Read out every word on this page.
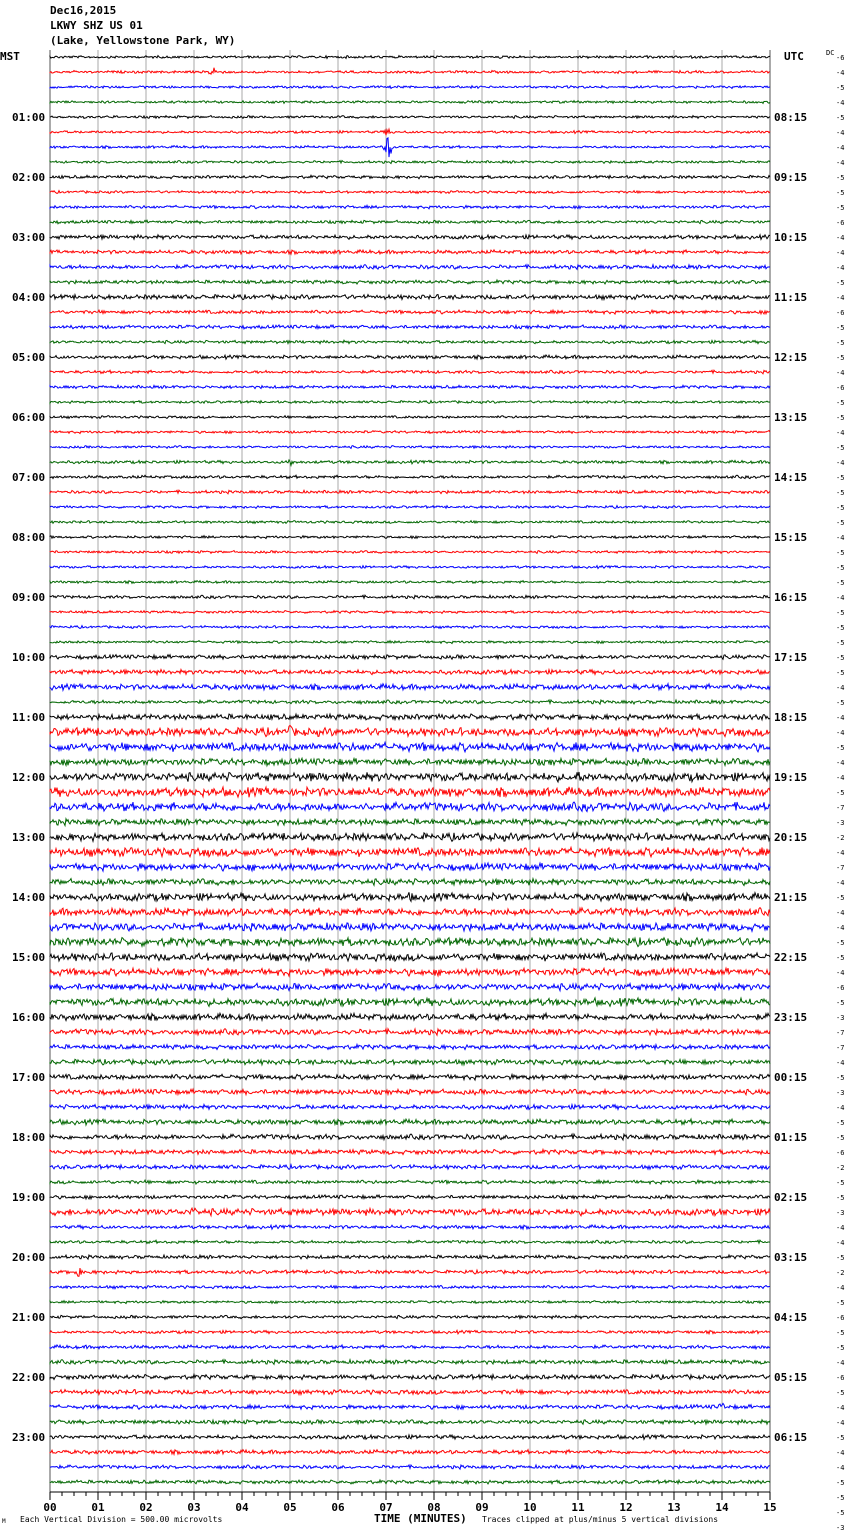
Dec16,2015
LKWY SHZ US 01
(Lake, Yellowstone Park, WY)
MST	UTC	DC
01:00
02:00
03:00
04:00
05:00
06:00
07:00
08:00
09:00
10:00
11:00
12:00
13:00
14:00
15:00
16:00
17:00
18:00
19:00
20:00
21:00
22:00
23:00
08:15
09:15
10:15
11:15
12:15
13:15
14:15
15:15
16:15
17:15
18:15
19:15
20:15
21:15
22:15
23:15
00:15
01:15
02:15
03:15
04:15
05:15
06:15
-6
-4
-5
-4
-5
-4
-4
-4
-5
-5
-5
-6
-4
-4
-4
-5
-4
-6
-5
-5
-5
-4
-6
-5
-5
-4
-5
-4
-5
-5
-5
-5
-4
-5
-5
-5
-4
-5
-5
-5
-5
-5
-4
-5
-4
-4
-5
-4
-4
-5
-7
-3
-2
-4
-7
-4
-5
-4
-4
-5
-5
-4
-6
-5
-3
-7
-7
-4
-5
-3
-4
-5
-5
-6
-2
-5
-5
-3
-4
-4
-5
-2
-4
-5
-6
-5
-5
-4
-6
-5
-4
-4
-5
-4
-4
-5
-5
-5
-3
00	01	02	03	04	05	06	07	08	09	10	11	12	13	14	15
M Each Vertical Division = 500.00 microvolts	TIME (MINUTES) Traces clipped at plus/minus 5 vertical divisions
